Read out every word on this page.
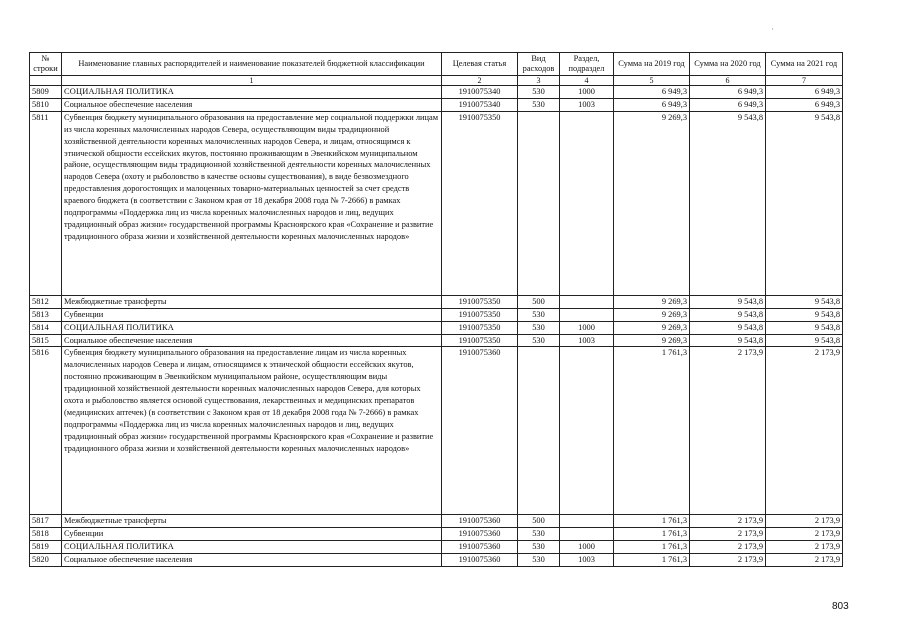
·
№ строки	Наименование главных распорядителей и наименование показателей бюджетной классификации	Целевая статья	Вид расходов	Раздел, подраздел	Сумма на 2019 год	Сумма на 2020 год	Сумма на 2021 год
	1	2	3	4	5	6	7
5809	СОЦИАЛЬНАЯ ПОЛИТИКА	1910075340	530	1000	6 949,3	6 949,3	6 949,3
5810	Социальное обеспечение населения	1910075340	530	1003	6 949,3	6 949,3	6 949,3
5811	Субвенция бюджету муниципального образования на предоставление мер социальной поддержки лицам из числа коренных малочисленных народов Севера, осуществляющим виды традиционной хозяйственной деятельности коренных малочисленных народов Севера, и лицам, относящимся к этнической общности ессейских якутов, постоянно проживающим в Эвенкийском муниципальном районе, осуществляющим виды традиционной хозяйственной деятельности коренных малочисленных народов Севера (охоту и рыболовство в качестве основы существования), в виде безвозмездного предоставления дорогостоящих и малоценных товарно-материальных ценностей за счет средств краевого бюджета (в соответствии с Законом края от 18 декабря 2008 года № 7-2666) в рамках подпрограммы «Поддержка лиц из числа коренных малочисленных народов и лиц, ведущих традиционный образ жизни» государственной программы Красноярского края «Сохранение и развитие традиционного образа жизни и хозяйственной деятельности коренных малочисленных народов»	1910075350			9 269,3	9 543,8	9 543,8
5812	Межбюджетные трансферты	1910075350	500		9 269,3	9 543,8	9 543,8
5813	Субвенции	1910075350	530		9 269,3	9 543,8	9 543,8
5814	СОЦИАЛЬНАЯ ПОЛИТИКА	1910075350	530	1000	9 269,3	9 543,8	9 543,8
5815	Социальное обеспечение населения	1910075350	530	1003	9 269,3	9 543,8	9 543,8
5816	Субвенция бюджету муниципального образования на предоставление лицам из числа коренных малочисленных народов Севера и лицам, относящимся к этнической общности ессейских якутов, постоянно проживающим в Эвенкийском муниципальном районе, осуществляющим виды традиционной хозяйственной деятельности коренных малочисленных народов Севера, для которых охота и рыболовство является основой существования, лекарственных и медицинских препаратов (медицинских аптечек) (в соответствии с Законом края от 18 декабря 2008 года № 7-2666) в рамках подпрограммы «Поддержка лиц из числа коренных малочисленных народов и лиц, ведущих традиционный образ жизни» государственной программы Красноярского края «Сохранение и развитие традиционного образа жизни и хозяйственной деятельности коренных малочисленных народов»	1910075360			1 761,3	2 173,9	2 173,9
5817	Межбюджетные трансферты	1910075360	500		1 761,3	2 173,9	2 173,9
5818	Субвенции	1910075360	530		1 761,3	2 173,9	2 173,9
5819	СОЦИАЛЬНАЯ ПОЛИТИКА	1910075360	530	1000	1 761,3	2 173,9	2 173,9
5820	Социальное обеспечение населения	1910075360	530	1003	1 761,3	2 173,9	2 173,9
803
